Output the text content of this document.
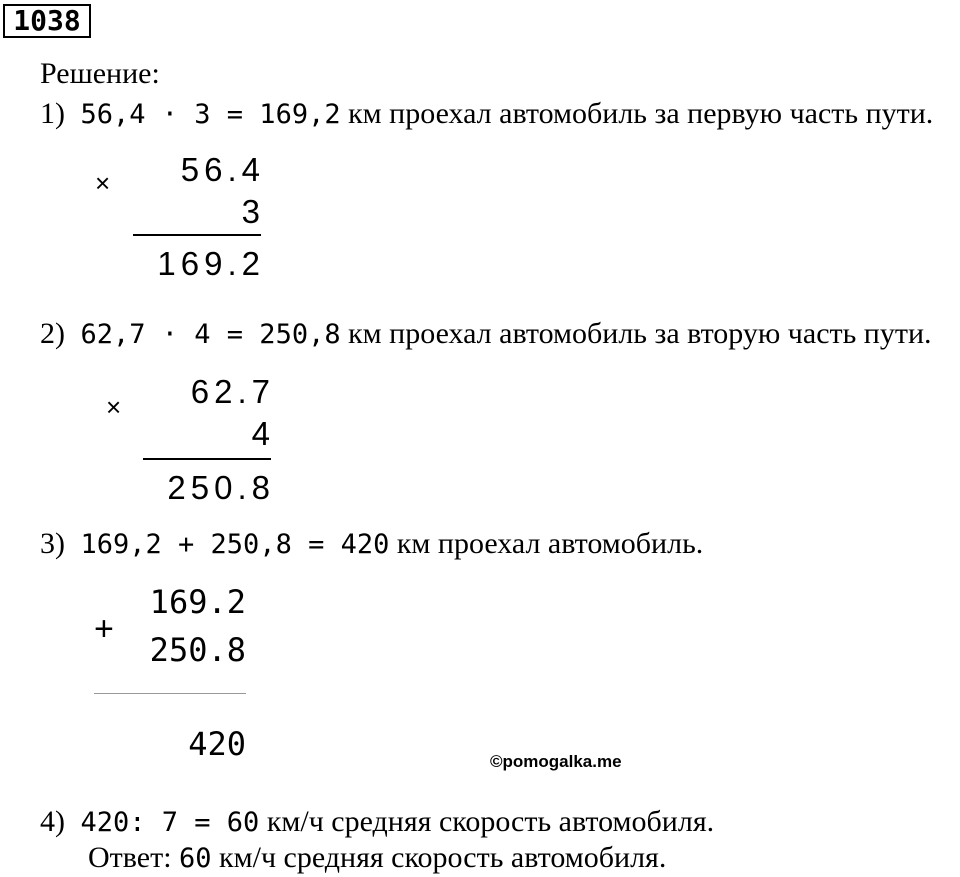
1038
Решение:
1) 56,4 · 3 = 169,2 км проехал автомобиль за первую часть пути.
×	56.4
3
169.2
2) 62,7 · 4 = 250,8 км проехал автомобиль за вторую часть пути.
×	62.7
4
250.8
3) 169,2 + 250,8 = 420 км проехал автомобиль.
+
169.2
250.8
420	©pomogalka.me
4) 420: 7 = 60 км/ч средняя скорость автомобиля.
Ответ: 60 км/ч средняя скорость автомобиля.
